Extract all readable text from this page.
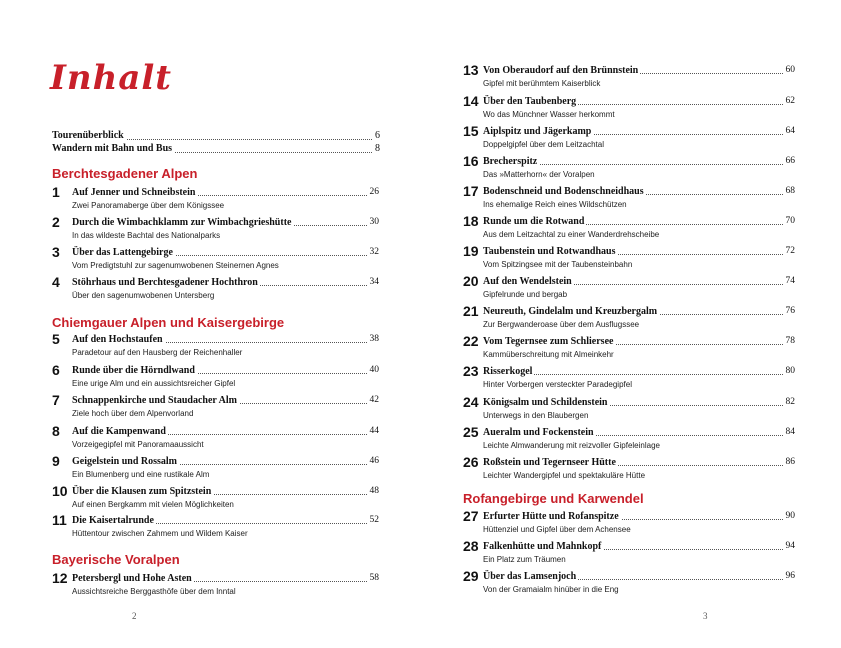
Inhalt
Tourenüberblick	6
Wandern mit Bahn und Bus	8
Berchtesgadener Alpen
1	Auf Jenner und Schneibstein	26
Zwei Panoramaberge über dem Königssee
2	Durch die Wimbachklamm zur Wimbachgrieshütte	30
In das wildeste Bachtal des Nationalparks
3	Über das Lattengebirge	32
Vom Predigtstuhl zur sagenumwobenen Steinernen Agnes
4	Stöhrhaus und Berchtesgadener Hochthron	34
Über den sagenumwobenen Untersberg
Chiemgauer Alpen und Kaisergebirge
5	Auf den Hochstaufen	38
Paradetour auf den Hausberg der Reichenhaller
6	Runde über die Hörndlwand	40
Eine urige Alm und ein aussichtsreicher Gipfel
7	Schnappenkirche und Staudacher Alm	42
Ziele hoch über dem Alpenvorland
8	Auf die Kampenwand	44
Vorzeigegipfel mit Panoramaaussicht
9	Geigelstein und Rossalm	46
Ein Blumenberg und eine rustikale Alm
10 Über die Klausen zum Spitzstein	48
Auf einen Bergkamm mit vielen Möglichkeiten
11 Die Kaisertalrunde	52
Hüttentour zwischen Zahmem und Wildem Kaiser
Bayerische Voralpen
12 Petersbergl und Hohe Asten	58
Aussichtsreiche Berggasthöfe über dem Inntal
2
13 Von Oberaudorf auf den Brünnstein	60
Gipfel mit berühmtem Kaiserblick
14 Über den Taubenberg	62
Wo das Münchner Wasser herkommt
15 Aiplspitz und Jägerkamp	64
Doppelgipfel über dem Leitzachtal
16 Brecherspitz	66
Das »Matterhorn« der Voralpen
17 Bodenschneid und Bodenschneidhaus	68
Ins ehemalige Reich eines Wildschützen
18 Runde um die Rotwand	70
Aus dem Leitzachtal zu einer Wanderdrehscheibe
19 Taubenstein und Rotwandhaus	72
Vom Spitzingsee mit der Taubensteinbahn
20 Auf den Wendelstein	74
Gipfelrunde und bergab
21 Neureuth, Gindelalm und Kreuzbergalm	76
Zur Bergwanderoase über dem Ausflugssee
22 Vom Tegernsee zum Schliersee	78
Kammüberschreitung mit Almeinkehr
23 Risserkogel	80
Hinter Vorbergen versteckter Paradegipfel
24 Königsalm und Schildenstein	82
Unterwegs in den Blaubergen
25 Aueralm und Fockenstein	84
Leichte Almwanderung mit reizvoller Gipfeleinlage
26 Roßstein und Tegernseer Hütte	86
Leichter Wandergipfel und spektakuläre Hütte
Rofangebirge und Karwendel
27 Erfurter Hütte und Rofanspitze	90
Hüttenziel und Gipfel über dem Achensee
28 Falkenhütte und Mahnkopf	94
Ein Platz zum Träumen
29 Über das Lamsenjoch	96
Von der Gramaialm hinüber in die Eng
3
